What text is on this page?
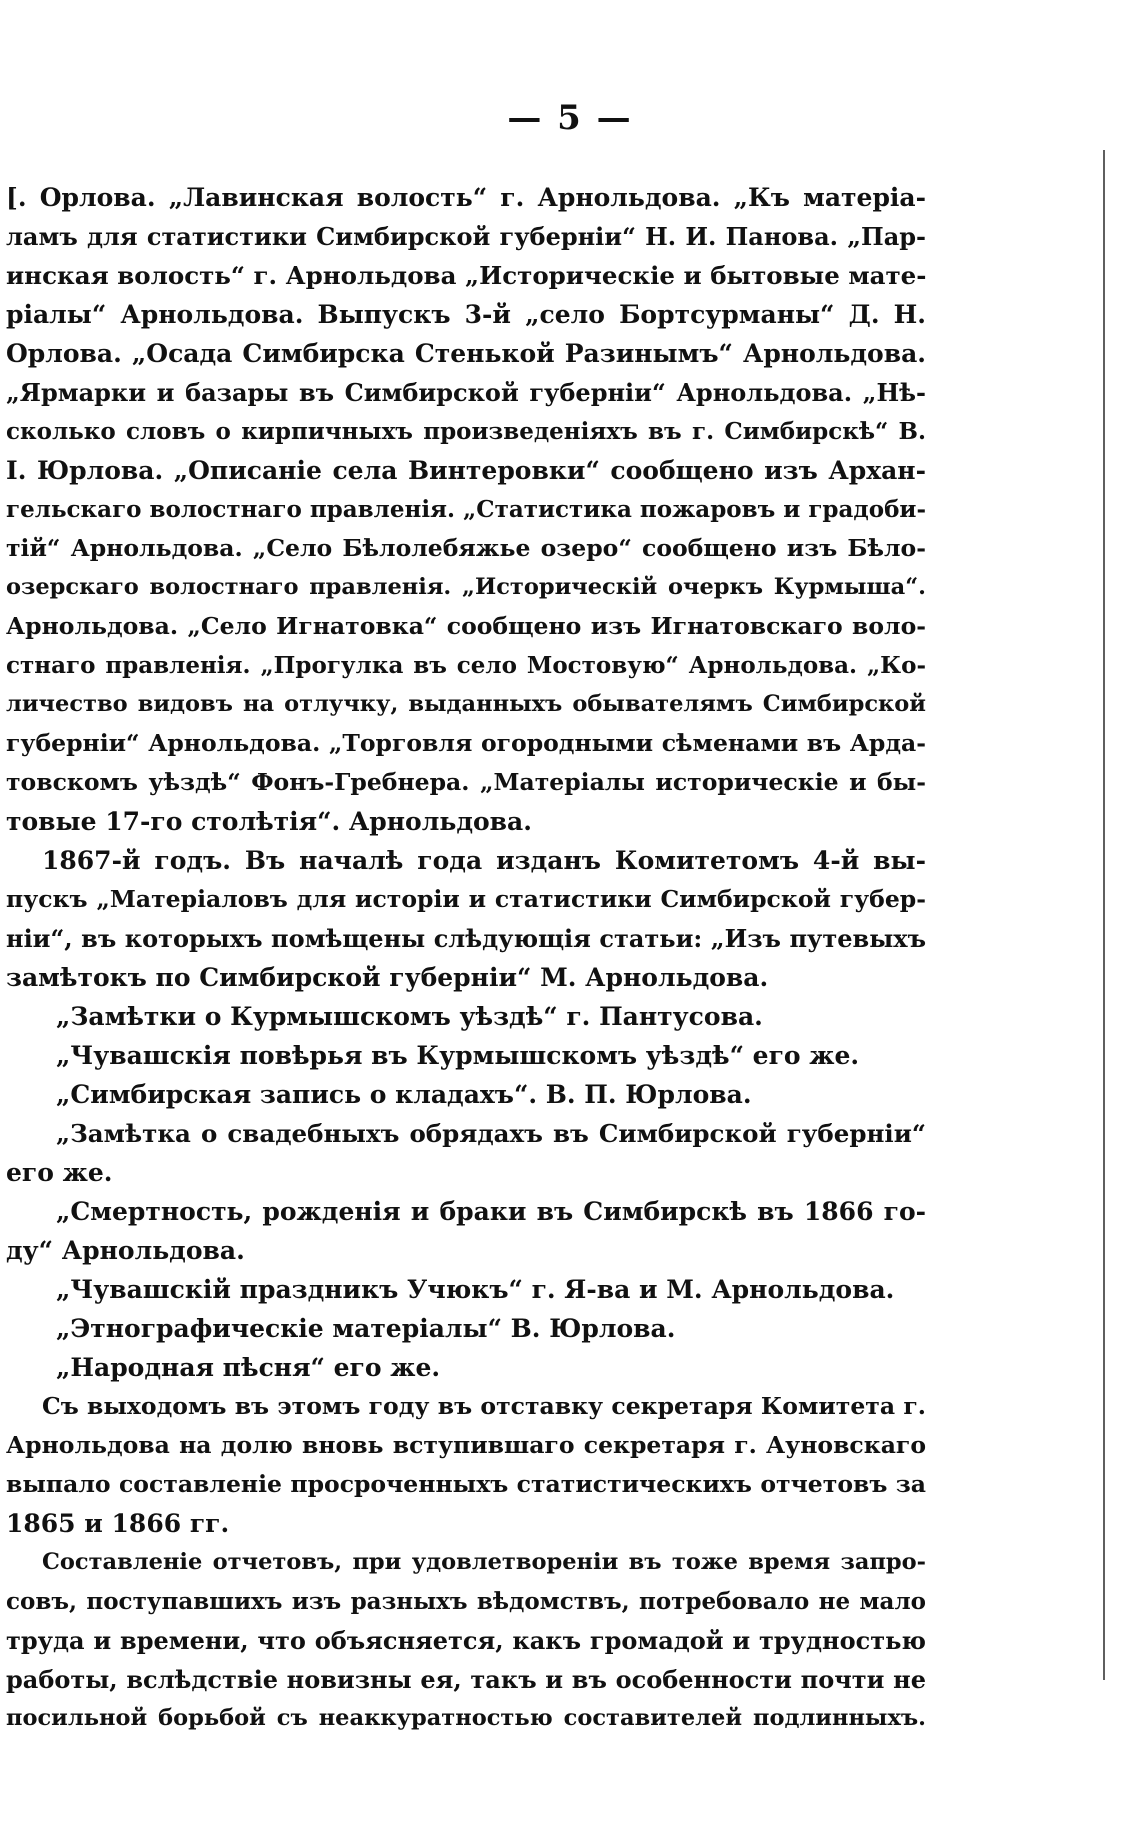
— 5 —
[. Орлова. „Лавинская волость“ г. Арнольдова. „Къ матеріа-
ламъ для статистики Симбирской губерніи“ Н. И. Панова. „Пар-
инская волость“ г. Арнольдова „Историческіе и бытовые мате-
ріалы“ Арнольдова. Выпускъ 3-й „село Бортсурманы“ Д. Н.
Орлова. „Осада Симбирска Стенькой Разинымъ“ Арнольдова.
„Ярмарки и базары въ Симбирской губерніи“ Арнольдова. „Нѣ-
сколько словъ о кирпичныхъ произведеніяхъ въ г. Симбирскѣ“ В.
I. Юрлова. „Описаніе села Винтеровки“ сообщено изъ Архан-
гельскаго волостнаго правленія. „Статистика пожаровъ и градоби-
тій“ Арнольдова. „Село Бѣлолебяжье озеро“ сообщено изъ Бѣло-
озерскаго волостнаго правленія. „Историческій очеркъ Курмыша“.
Арнольдова. „Село Игнатовка“ сообщено изъ Игнатовскаго воло-
стнаго правленія. „Прогулка въ село Мостовую“ Арнольдова. „Ко-
личество видовъ на отлучку, выданныхъ обывателямъ Симбирской
губерніи“ Арнольдова. „Торговля огородными сѣменами въ Арда-
товскомъ уѣздѣ“ Фонъ-Гребнера. „Матеріалы историческіе и бы-
товые 17-го столѣтія“. Арнольдова.
1867-й годъ. Въ началѣ года изданъ Комитетомъ 4-й вы-
пускъ „Матеріаловъ для исторіи и статистики Симбирской губер-
ніи“, въ которыхъ помѣщены слѣдующія статьи: „Изъ путевыхъ
замѣтокъ по Симбирской губерніи“ М. Арнольдова.
„Замѣтки о Курмышскомъ уѣздѣ“ г. Пантусова.
„Чувашскія повѣрья въ Курмышскомъ уѣздѣ“ его же.
„Симбирская запись о кладахъ“. В. П. Юрлова.
„Замѣтка о свадебныхъ обрядахъ въ Симбирской губерніи“
его же.
„Смертность, рожденія и браки въ Симбирскѣ въ 1866 го-
ду“ Арнольдова.
„Чувашскій праздникъ Учюкъ“ г. Я-ва и М. Арнольдова.
„Этнографическіе матеріалы“ В. Юрлова.
„Народная пѣсня“ его же.
Съ выходомъ въ этомъ году въ отставку секретаря Комитета г.
Арнольдова на долю вновь вступившаго секретаря г. Ауновскаго
выпало составленіе просроченныхъ статистическихъ отчетовъ за
1865 и 1866 гг.
Составленіе отчетовъ, при удовлетвореніи въ тоже время запро-
совъ, поступавшихъ изъ разныхъ вѣдомствъ, потребовало не мало
труда и времени, что объясняется, какъ громадой и трудностью
работы, вслѣдствіе новизны ея, такъ и въ особенности почти не
посильной борьбой съ неаккуратностью составителей подлинныхъ.
